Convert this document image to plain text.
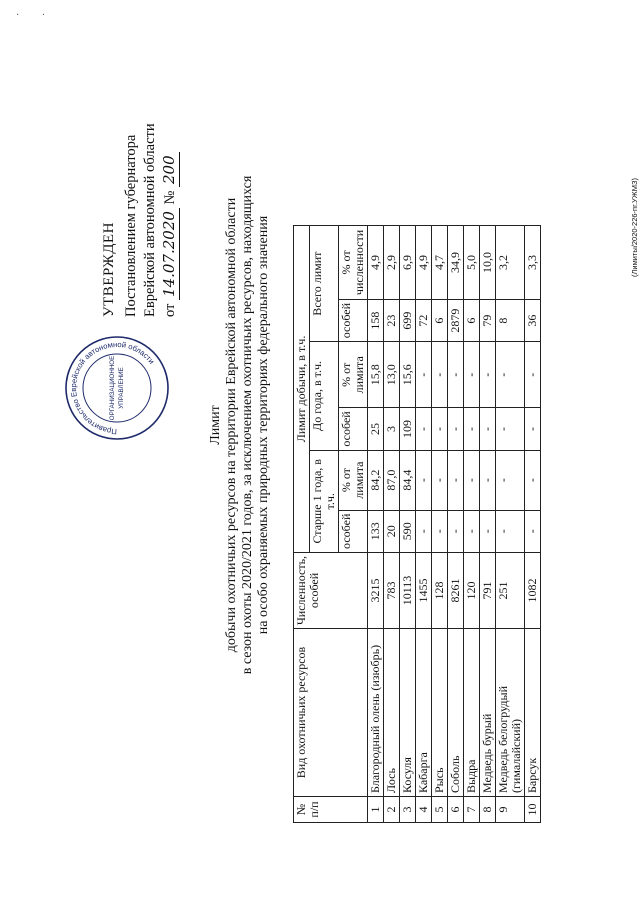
· ·
УТВЕРЖДЕН Постановлением губернатора Еврейской автономной области от 14.07.2020 № 200
Правительство Еврейской автономной области
ОРГАНИЗАЦИОННОЕ УПРАВЛЕНИЕ
Лимит добычи охотничьих ресурсов на территории Еврейской автономной области в сезон охоты 2020/2021 годов, за исключением охотничьих ресурсов, находящихся на особо охраняемых природных территориях федерального значения
№ п/п	Вид охотничьих ресурсов	Численность, особей	Лимит добычи, в т.ч.					
			Старше 1 года, в т.ч.		До года, в т.ч.		Всего лимит	
			особей	% от лимита	особей	% от лимита	особей	% от численности
1	Благородный олень (изюбрь)	3215	133	84,2	25	15,8	158	4,9
2	Лось	783	20	87,0	3	13,0	23	2,9
3	Косуля	10113	590	84,4	109	15,6	699	6,9
4	Кабарга	1455	-	-	-	-	72	4,9
5	Рысь	128	-	-	-	-	6	4,7
6	Соболь	8261	-	-	-	-	2879	34,9
7	Выдра	120	-	-	-	-	6	5,0
8	Медведь бурый	791	-	-	-	-	79	10,0
9	Медведь белогрудый (гималайский)	251	-	-	-	-	8	3,2
10	Барсук	1082	-	-	-	-	36	3,3	(Лимиты/2020-226-пг.УЖМЗ)
